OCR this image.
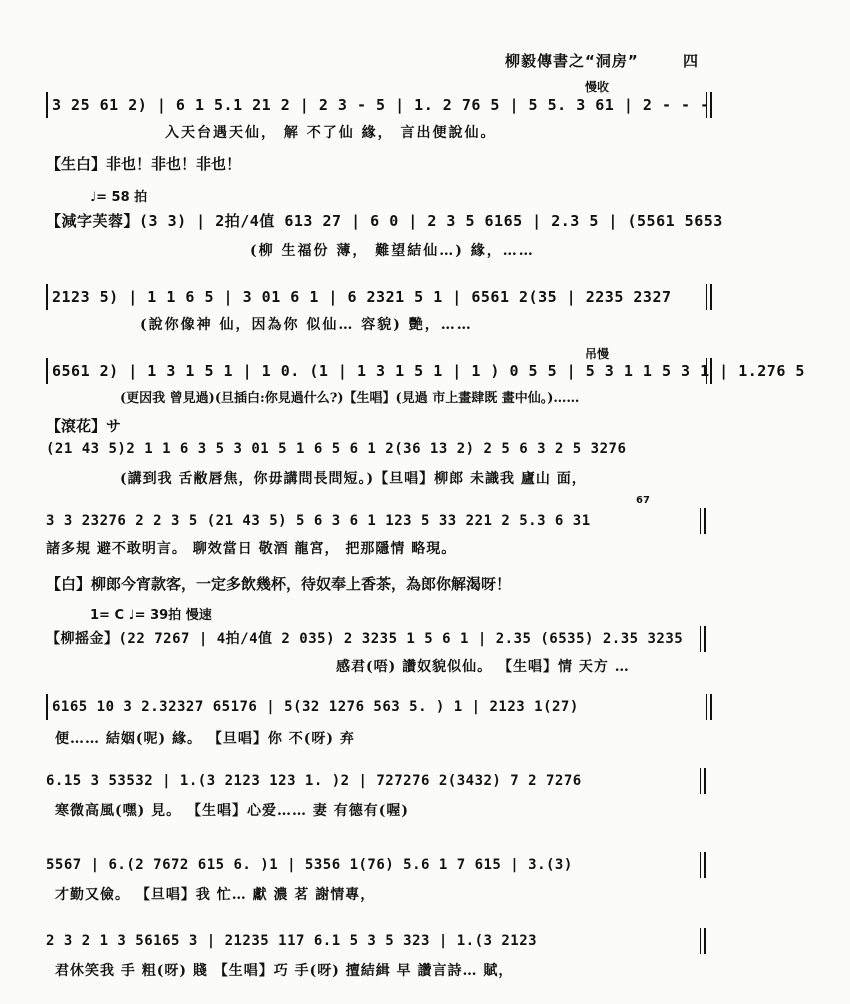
柳毅傳書之“洞房”	四
慢收
3 25 61 2) | 6 1 5.1 21 2 | 2 3 - 5 | 1. 2 76 5 | 5 5. 3 61 | 2 - - -
入天台遇天仙， 解 不了仙 緣， 言出便說仙。
【生白】非也！非也！非也！
♩= 58 拍
【減字芙蓉】(3 3) | 2拍/4值 613 27 | 6 0 | 2 3 5 6165 | 2.3 5 | (5561 5653
(柳 生福份 薄， 難望結仙…) 緣，……
2123 5) | 1 1 6 5 | 3 01 6 1 | 6 2321 5 1 | 6561 2(35 | 2235 2327
(說你像神 仙，因為你 似仙… 容貌) 艷，……
吊慢
6561 2) | 1 3 1 5 1 | 1 0. (1 | 1 3 1 5 1 | 1 ) 0 5 5 | 5 3 1 1 5 3 1 | 1.276 5
(更因我 曾見過)(旦插白:你見過什么?)【生唱】(見過 市上畫肆既 畫中仙。)……
【滾花】サ
(21 43 5)2 1 1 6 3 5 3 01 5 1 6 5 6 1 2(36 13 2) 2 5 6 3 2 5 3276
(講到我 舌敝唇焦，你毋講問長問短。)【旦唱】柳郎 未識我 廬山 面，
67
3 3 23276 2 2 3 5 (21 43 5) 5 6 3 6 1 123 5 33 221 2 5.3 6 31
諸多規 避不敢明言。 聊效當日 敬酒 龍宮， 把那隱情 略現。
【白】柳郎今宵款客，一定多飲幾杯，待奴奉上香茶，為郎你解渴呀！
1= C ♩= 39拍 慢速
【柳摇金】(22 7267 | 4拍/4值 2 035) 2 3235 1 5 6 1 | 2.35 (6535) 2.35 3235
感君(唔) 讚奴貌似仙。 【生唱】情 天方 …
6165 10 3 2.32327 65176 | 5(32 1276 563 5. ) 1 | 2123 1(27)
便…… 結姻(呢) 緣。 【旦唱】你 不(呀) 弃
6.15 3 53532 | 1.(3 2123 123 1. )2 | 727276 2(3432) 7 2 7276
寒微高風(嘿) 見。 【生唱】心爱…… 妻 有德有(喔)
5567 | 6.(2 7672 615 6. )1 | 5356 1(76) 5.6 1 7 615 | 3.(3)
才勤又儉。 【旦唱】我 忙… 獻 濃 茗 謝情專，
2 3 2 1 3 56165 3 | 21235 117 6.1 5 3 5 323 | 1.(3 2123
君休笑我 手 粗(呀) 賤 【生唱】巧 手(呀) 擅結緝 早 讚言詩… 賦，
